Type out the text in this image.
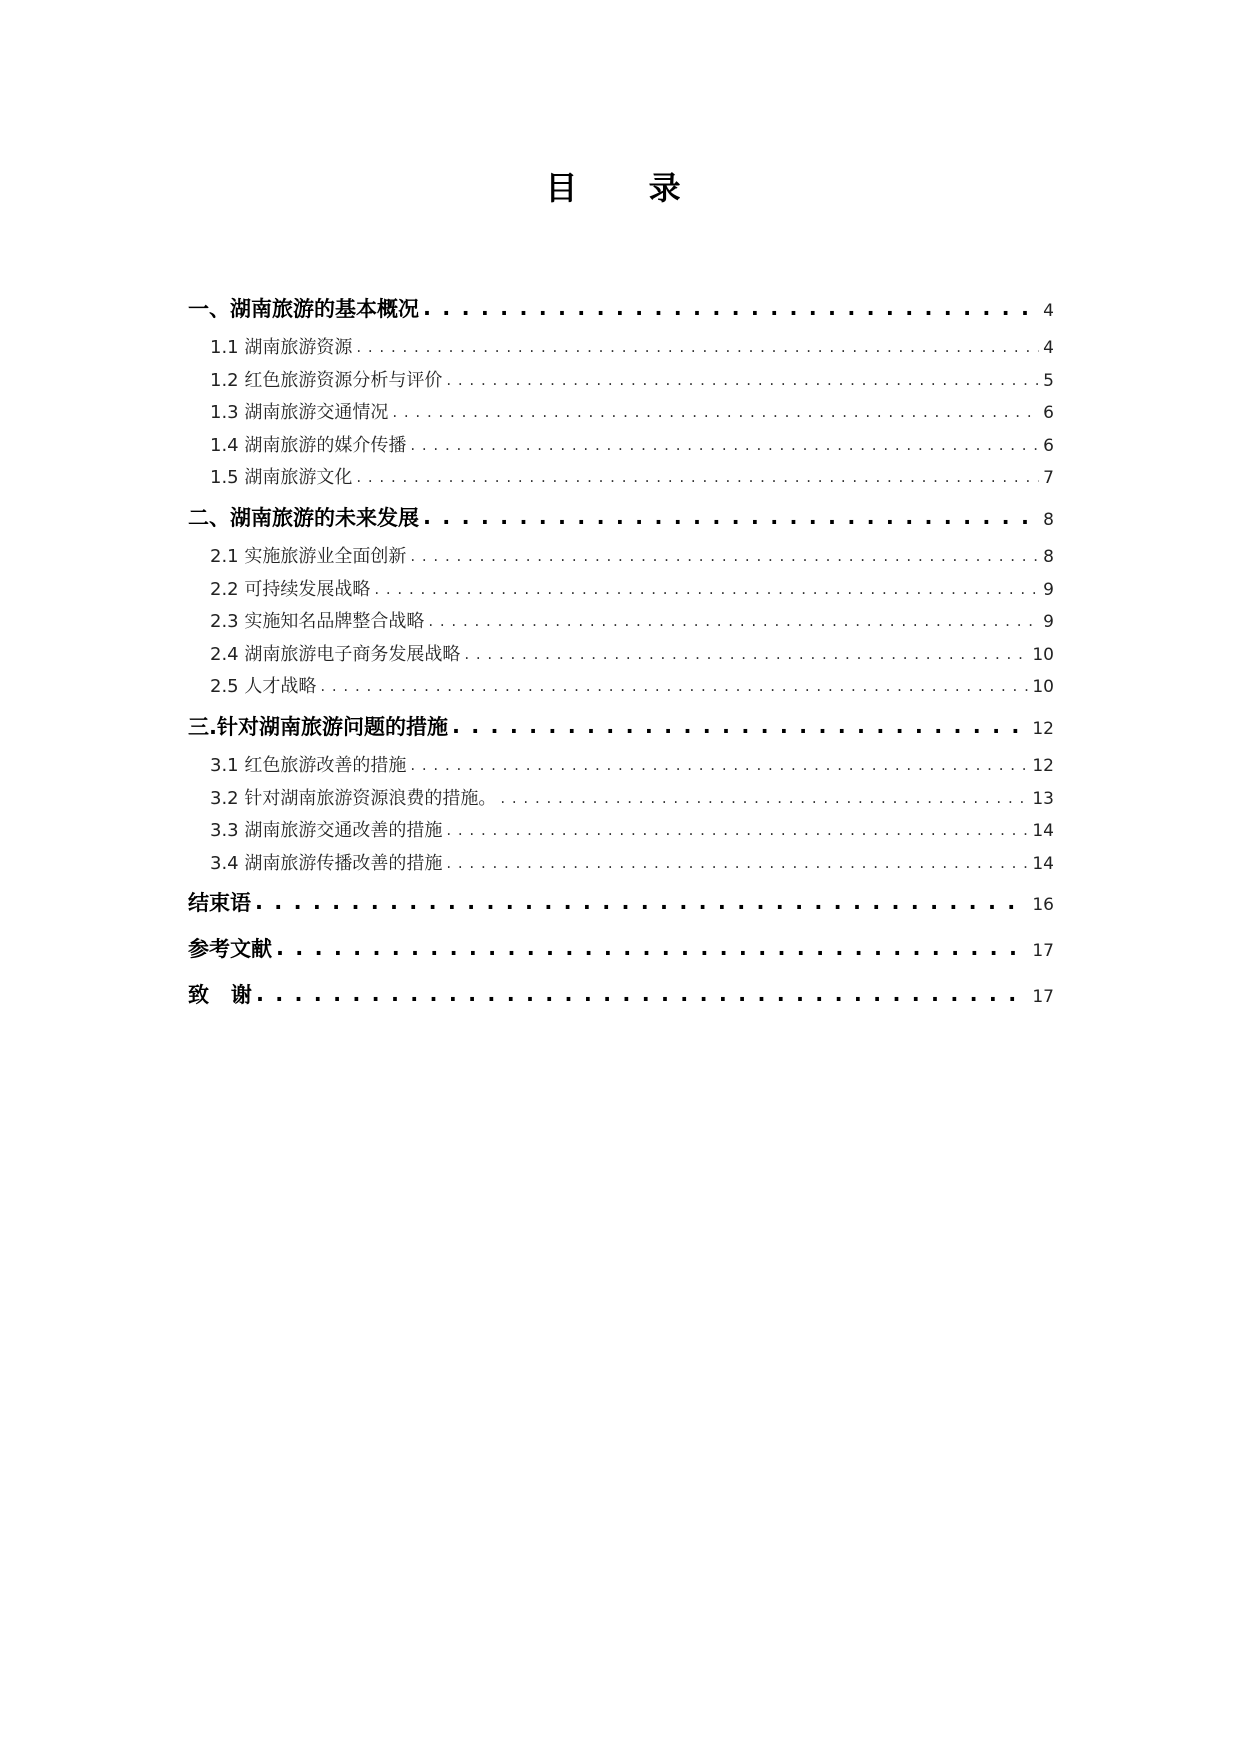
目 录
一、湖南旅游的基本概况 . . .	4
1.1 湖南旅游资源 . . .	4
1.2 红色旅游资源分析与评价 . . .	5
1.3 湖南旅游交通情况 . . .	6
1.4 湖南旅游的媒介传播 . . .	6
1.5 湖南旅游文化 . . .	7
二、湖南旅游的未来发展 . . .	8
2.1 实施旅游业全面创新 . . .	8
2.2 可持续发展战略 . . .	9
2.3 实施知名品牌整合战略 . . .	9
2.4 湖南旅游电子商务发展战略 . . .	10
2.5 人才战略 . . .	10
三.针对湖南旅游问题的措施 . . .	12
3.1 红色旅游改善的措施 . . .	12
3.2 针对湖南旅游资源浪费的措施。 . . .	13
3.3 湖南旅游交通改善的措施 . . .	14
3.4 湖南旅游传播改善的措施 . . .	14
结束语 . . .	16
参考文献 . . .	17
致   谢 . . .	17
